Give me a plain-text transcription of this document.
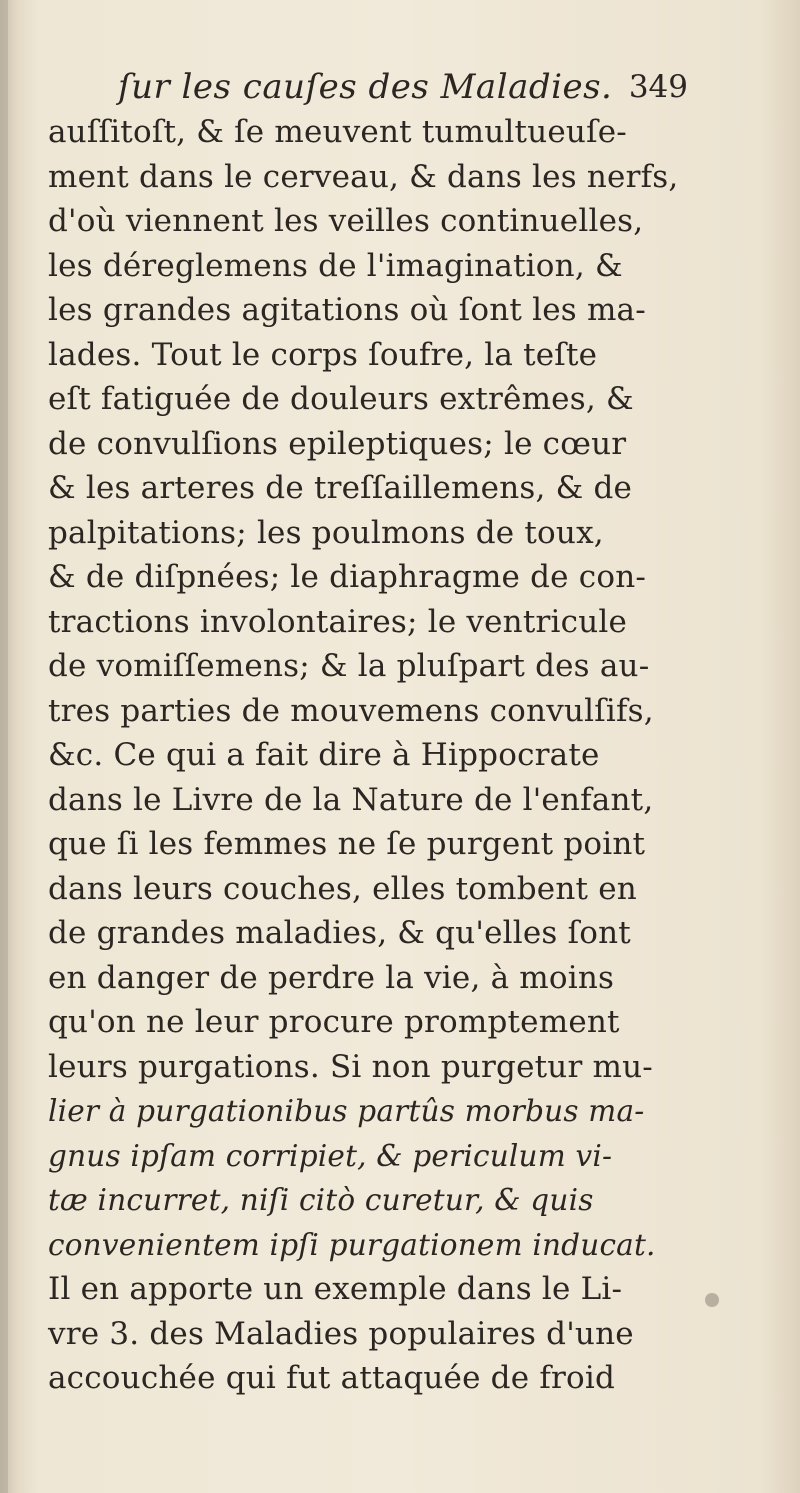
ſur les cauſes des Maladies. 349
auſſitoſt, & ſe meuvent tumultueuſe-
ment dans le cerveau, & dans les nerfs,
d'où viennent les veilles continuelles,
les déreglemens de l'imagination, &
les grandes agitations où ſont les ma-
lades. Tout le corps ſoufre, la teſte
eſt fatiguée de douleurs extrêmes, &
de convulſions epileptiques; le cœur
& les arteres de treſſaillemens, & de
palpitations; les poulmons de toux,
& de diſpnées; le diaphragme de con-
tractions involontaires; le ventricule
de vomiſſemens; & la pluſpart des au-
tres parties de mouvemens convulſifs,
&c. Ce qui a fait dire à Hippocrate
dans le Livre de la Nature de l'enfant,
que ſi les femmes ne ſe purgent point
dans leurs couches, elles tombent en
de grandes maladies, & qu'elles ſont
en danger de perdre la vie, à moins
qu'on ne leur procure promptement
leurs purgations. Si non purgetur mu-
lier à purgationibus partûs morbus ma-
gnus ipſam corripiet, & periculum vi-
tæ incurret, niſi citò curetur, & quis
convenientem ipſi purgationem inducat.
Il en apporte un exemple dans le Li-
vre 3. des Maladies populaires d'une
accouchée qui fut attaquée de froid
